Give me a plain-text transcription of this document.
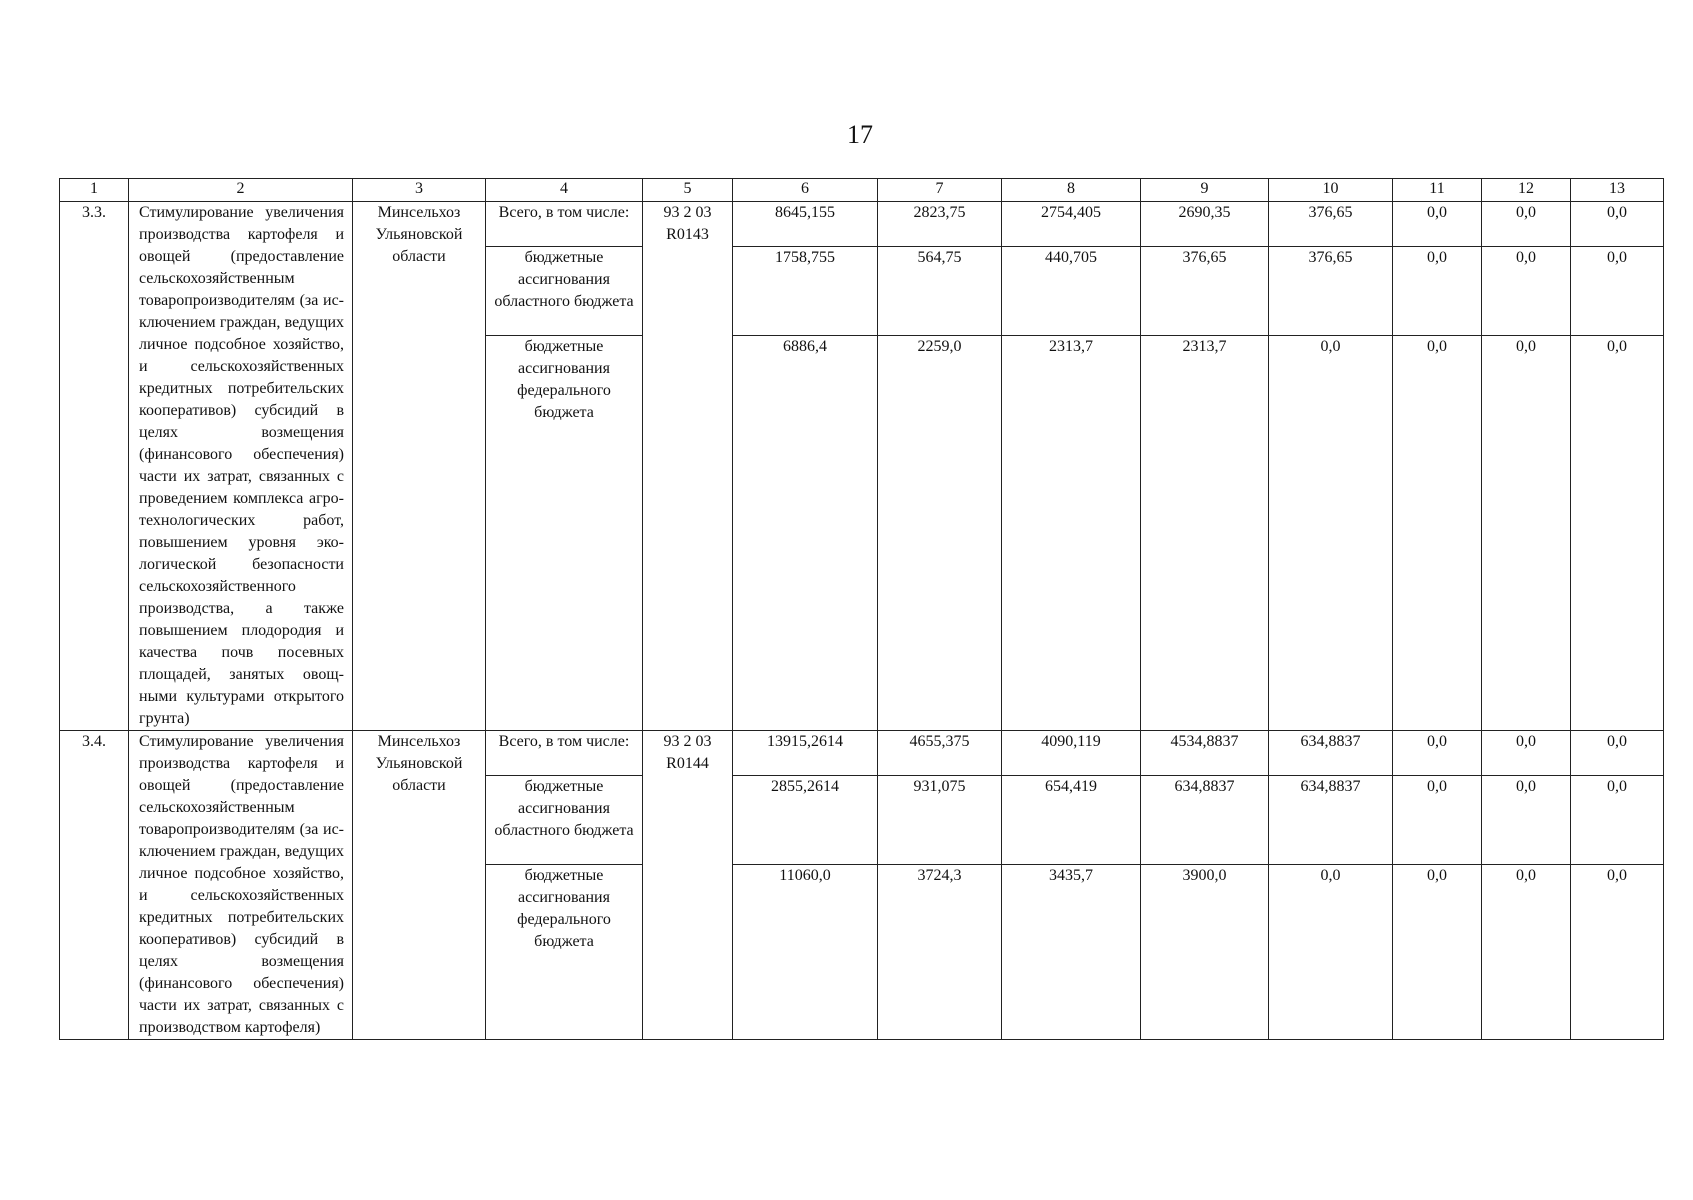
17
1	2	3	4	5	6	7	8	9	10	11	12	13
3.3.	Стимулирование увеличения производства картофеля и овощей (предоставление сельскохозяйственным товаропроизводителям (за исключением граждан, ведущих личное подсобное хозяйство, и сельскохозяйственных кредитных потребительских кооперативов) субсидий в целях возмещения (финансового обеспечения) части их затрат, связанных с проведением комплекса агротехнологических работ, повышением уровня экологической безопасности сельскохозяйственного производства, а также повышением плодородия и качества почв посевных площадей, занятых овощными культурами открытого грунта)	Минсельхоз Ульяновской области	Всего, в том числе:	93 2 03 R0143	8645,155	2823,75	2754,405	2690,35	376,65	0,0	0,0	0,0
			бюджетные ассигнования областного бюджета		1758,755	564,75	440,705	376,65	376,65	0,0	0,0	0,0
			бюджетные ассигнования федерального бюджета		6886,4	2259,0	2313,7	2313,7	0,0	0,0	0,0	0,0
3.4.	Стимулирование увеличения производства картофеля и овощей (предоставление сельскохозяйственным товаропроизводителям (за исключением граждан, ведущих личное подсобное хозяйство, и сельскохозяйственных кредитных потребительских кооперативов) субсидий в целях возмещения (финансового обеспечения) части их затрат, связанных с производством картофеля)	Минсельхоз Ульяновской области	Всего, в том числе:	93 2 03 R0144	13915,2614	4655,375	4090,119	4534,8837	634,8837	0,0	0,0	0,0
			бюджетные ассигнования областного бюджета		2855,2614	931,075	654,419	634,8837	634,8837	0,0	0,0	0,0
			бюджетные ассигнования федерального бюджета		11060,0	3724,3	3435,7	3900,0	0,0	0,0	0,0	0,0
